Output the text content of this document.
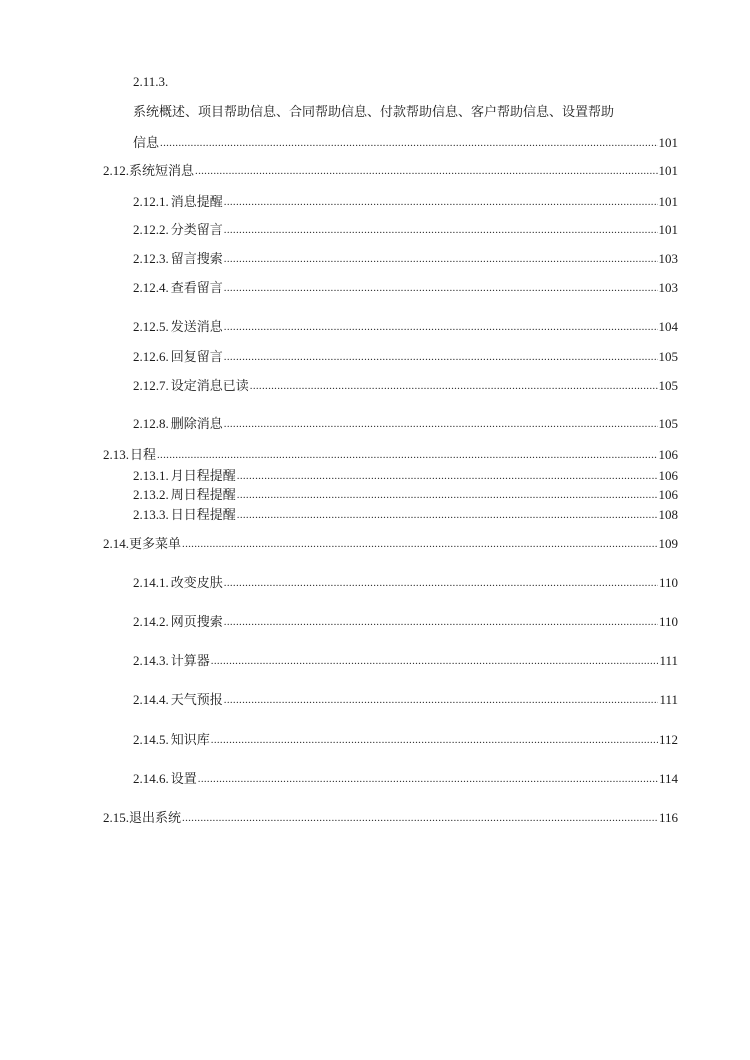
2.11.3.
系统概述、项目帮助信息、合同帮助信息、付款帮助信息、客户帮助信息、设置帮助
信息 .....	101
2.12. 系统短消息 .....	101
2.12.1. 消息提醒 .....	101
2.12.2. 分类留言 .....	101
2.12.3. 留言搜索 .....	103
2.12.4. 查看留言 .....	103
2.12.5. 发送消息 .....	104
2.12.6. 回复留言 .....	105
2.12.7. 设定消息已读 .....	105
2.12.8. 删除消息 .....	105
2.13. 日程 .....	106
2.13.1. 月日程提醒 .....	106
2.13.2. 周日程提醒 .....	106
2.13.3. 日日程提醒 .....	108
2.14. 更多菜单 .....	109
2.14.1. 改变皮肤 .....	110
2.14.2. 网页搜索 .....	110
2.14.3. 计算器 .....	111
2.14.4. 天气预报 .....	111
2.14.5. 知识库 .....	112
2.14.6. 设置 .....	114
2.15. 退出系统 .....	116
